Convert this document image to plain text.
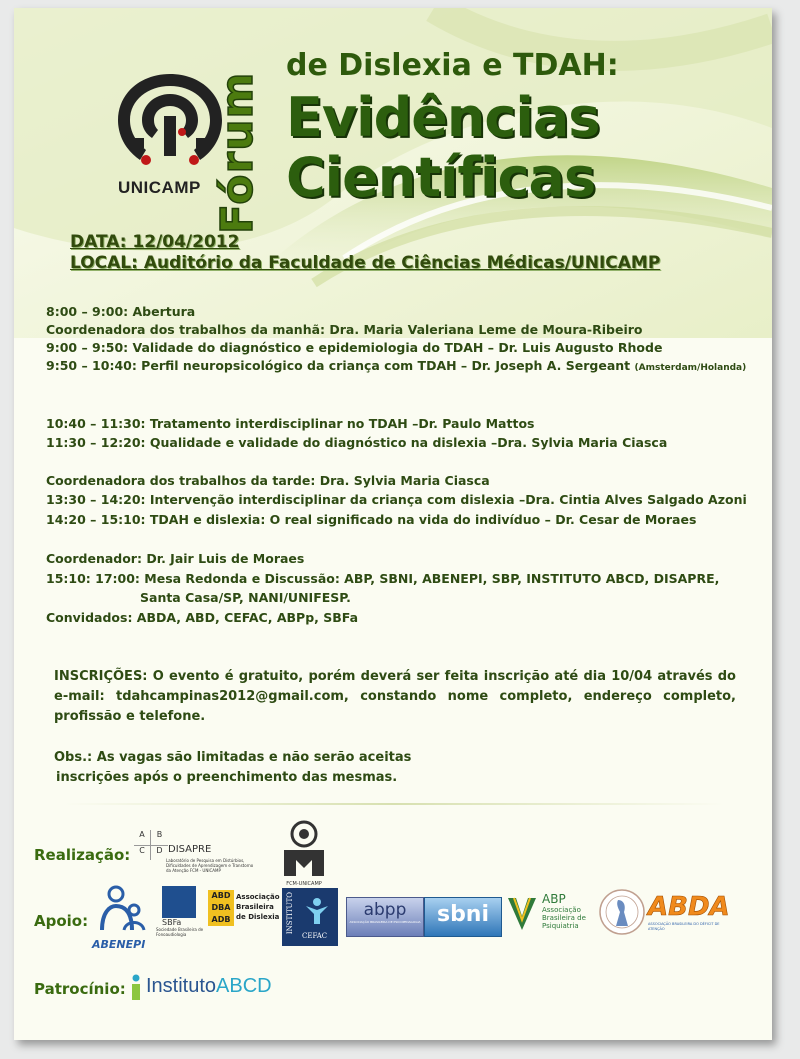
UNICAMP Fórum
de Dislexia e TDAH:
Evidências
Científicas
DATA: 12/04/2012
LOCAL: Auditório da Faculdade de Ciências Médicas/UNICAMP
8:00 – 9:00: Abertura
Coordenadora dos trabalhos da manhã: Dra. Maria Valeriana Leme de Moura-Ribeiro
9:00 – 9:50: Validade do diagnóstico e epidemiologia do TDAH – Dr. Luis Augusto Rhode
9:50 – 10:40: Perfil neuropsicológico da criança com TDAH – Dr. Joseph A. Sergeant (Amsterdam/Holanda)
10:40 – 11:30: Tratamento interdisciplinar no TDAH –Dr. Paulo Mattos
11:30 – 12:20: Qualidade e validade do diagnóstico na dislexia –Dra. Sylvia Maria Ciasca
Coordenadora dos trabalhos da tarde: Dra. Sylvia Maria Ciasca
13:30 – 14:20: Intervenção interdisciplinar da criança com dislexia –Dra. Cintia Alves Salgado Azoni
14:20 – 15:10: TDAH e dislexia: O real significado na vida do indivíduo – Dr. Cesar de Moraes
Coordenador: Dr. Jair Luis de Moraes
15:10: 17:00: Mesa Redonda e Discussão: ABP, SBNI, ABENEPI, SBP, INSTITUTO ABCD, DISAPRE,
Santa Casa/SP, NANI/UNIFESP.
Convidados: ABDA, ABD, CEFAC, ABPp, SBFa
INSCRIÇÕES: O evento é gratuito, porém deverá ser feita inscrição até dia 10/04 através do e-mail: tdahcampinas2012@gmail.com, constando nome completo, endereço completo, profissão e telefone.
Obs.: As vagas são limitadas e não serão aceitas
inscrições após o preenchimento das mesmas.
Realização:
A	B
C	D DISAPRE
Laboratório de Pesquisa em Distúrbios, Dificuldades de Aprendizagem e Transtorno da Atenção FCM - UNICAMP
FCM-UNICAMP
Apoio:
ABENEPI
SBFa
Sociedade Brasileira de Fonoaudiologia
ABD
DBA
ADB
Associação Brasileira de Dislexia INSTITUTO
CEFAC
abpp
ASSOCIAÇÃO BRASILEIRA DE PSICOPEDAGOGIA sbni
ABP
Associação Brasileira de Psiquiatria
ABDA
ASSOCIAÇÃO BRASILEIRA DO DÉFICIT DE ATENÇÃO
Patrocínio: InstitutoABCD
